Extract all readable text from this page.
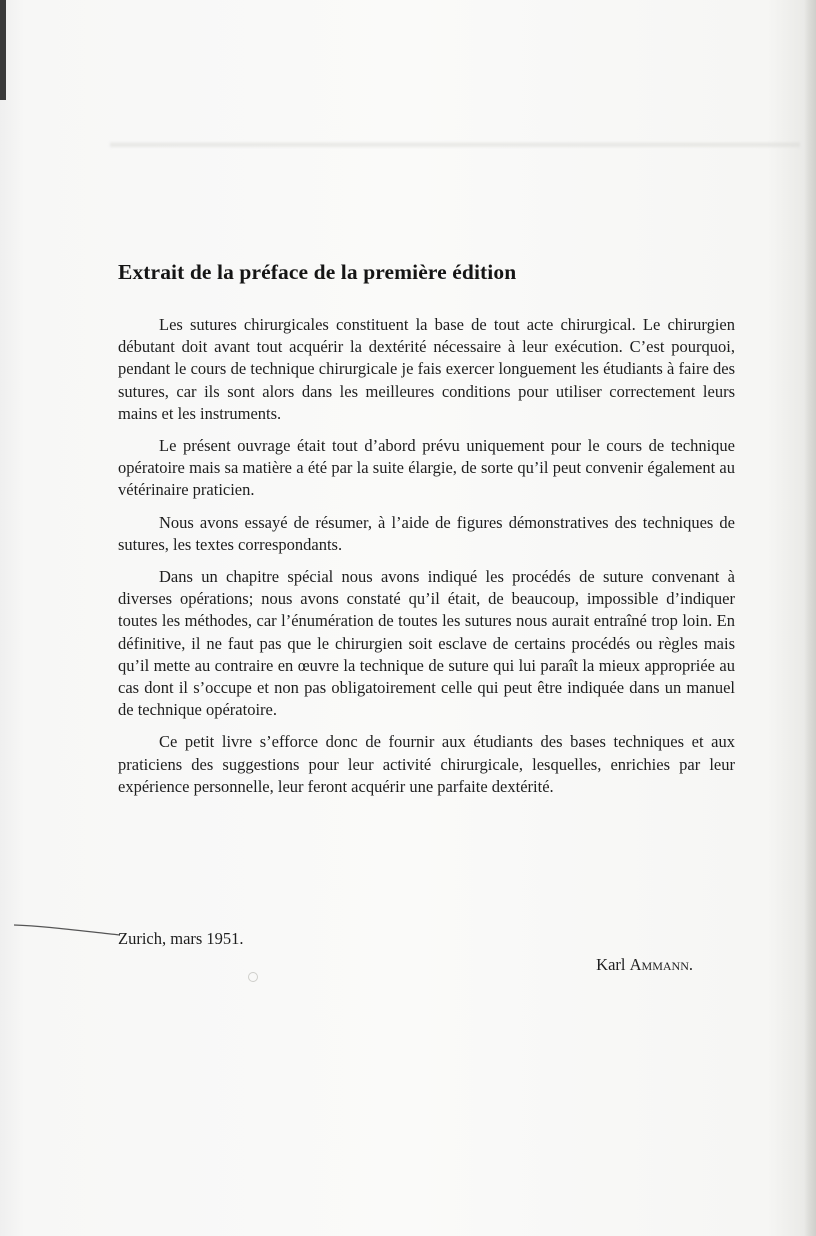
▬▬▬▬▬▬▬▬▬▬▬▬▬▬▬▬▬▬▬▬▬▬▬▬▬▬▬▬▬▬▬▬▬▬▬▬▬▬▬▬▬▬▬▬▬▬
Extrait de la préface de la première édition

Les sutures chirurgicales constituent la base de tout acte chirurgical. Le chirurgien débutant doit avant tout acquérir la dextérité nécessaire à leur exécution. C’est pourquoi, pendant le cours de technique chirurgicale je fais exercer longuement les étudiants à faire des sutures, car ils sont alors dans les meilleures conditions pour utiliser correctement leurs mains et les instruments.

Le présent ouvrage était tout d’abord prévu uniquement pour le cours de technique opératoire mais sa matière a été par la suite élargie, de sorte qu’il peut convenir également au vétérinaire praticien.

Nous avons essayé de résumer, à l’aide de figures démonstratives des techniques de sutures, les textes correspondants.

Dans un chapitre spécial nous avons indiqué les procédés de suture convenant à diverses opérations; nous avons constaté qu’il était, de beaucoup, impossible d’indiquer toutes les méthodes, car l’énumération de toutes les sutures nous aurait entraîné trop loin. En définitive, il ne faut pas que le chirurgien soit esclave de certains procédés ou règles mais qu’il mette au contraire en œuvre la technique de suture qui lui paraît la mieux appropriée au cas dont il s’occupe et non pas obligatoirement celle qui peut être indiquée dans un manuel de technique opératoire.

Ce petit livre s’efforce donc de fournir aux étudiants des bases techniques et aux praticiens des suggestions pour leur activité chirurgicale, lesquelles, enrichies par leur expérience personnelle, leur feront acquérir une parfaite dextérité.

Zurich, mars 1951.
Karl Ammann.
